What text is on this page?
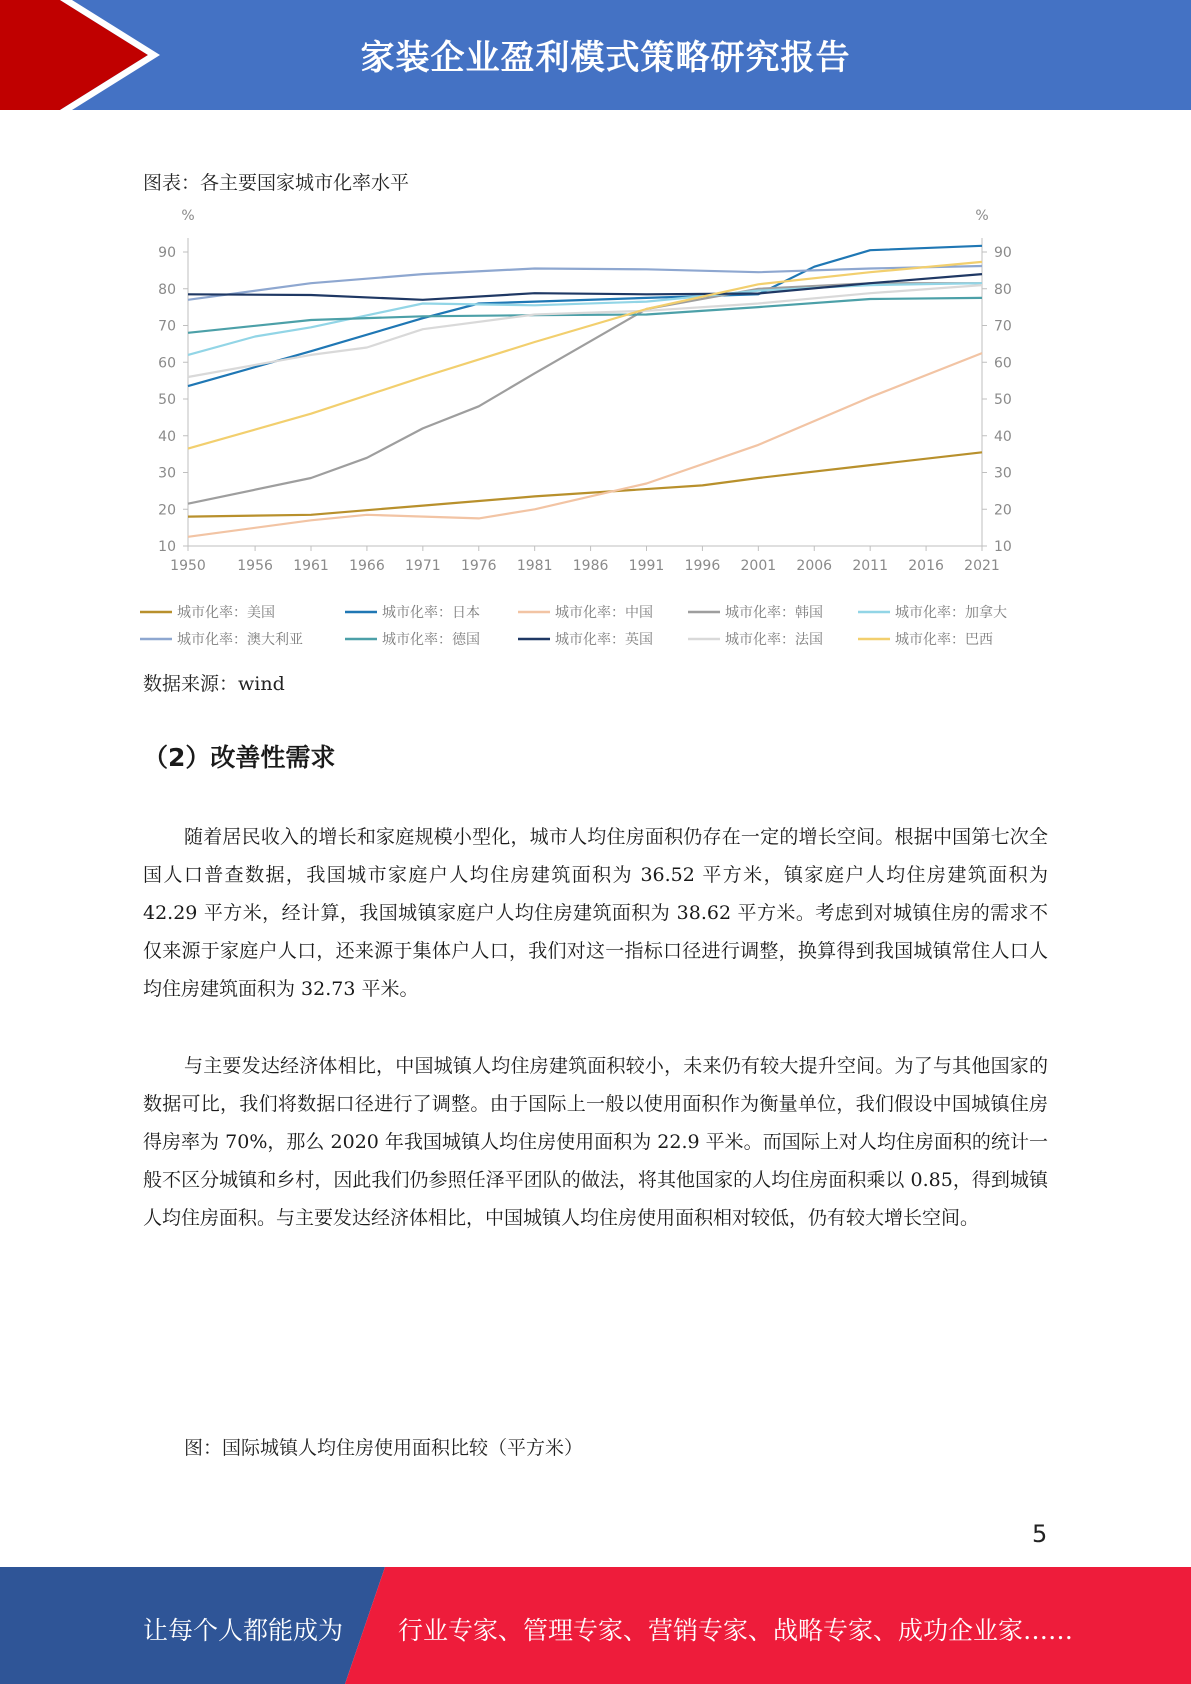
家装企业盈利模式策略研究报告
图表：各主要国家城市化率水平
%	%
10	10
20	20
30	30
40	40
50	50
60	60
70	70
80	80
90	90
1950 1956 1961 1966 1971 1976 1981 1986 1991 1996 2001 2006 2011 2016 2021
城市化率：美国	城市化率：日本	城市化率：中国	城市化率：韩国	城市化率：加拿大
城市化率：澳大利亚	城市化率：德国	城市化率：英国	城市化率：法国	城市化率：巴西
数据来源：wind
（2）改善性需求

随着居民收入的增长和家庭规模小型化，城市人均住房面积仍存在一定的增长空间。根据中国第七次全国人口普查数据，我国城市家庭户人均住房建筑面积为 36.52 平方米，镇家庭户人均住房建筑面积为 42.29 平方米，经计算，我国城镇家庭户人均住房建筑面积为 38.62 平方米。考虑到对城镇住房的需求不仅来源于家庭户人口，还来源于集体户人口，我们对这一指标口径进行调整，换算得到我国城镇常住人口人均住房建筑面积为 32.73 平米。

与主要发达经济体相比，中国城镇人均住房建筑面积较小，未来仍有较大提升空间。为了与其他国家的数据可比，我们将数据口径进行了调整。由于国际上一般以使用面积作为衡量单位，我们假设中国城镇住房得房率为 70%，那么 2020 年我国城镇人均住房使用面积为 22.9 平米。而国际上对人均住房面积的统计一般不区分城镇和乡村，因此我们仍参照任泽平团队的做法，将其他国家的人均住房面积乘以 0.85，得到城镇人均住房面积。与主要发达经济体相比，中国城镇人均住房使用面积相对较低，仍有较大增长空间。

图：国际城镇人均住房使用面积比较（平方米）
5
让每个人都能成为 行业专家、管理专家、营销专家、战略专家、成功企业家……
